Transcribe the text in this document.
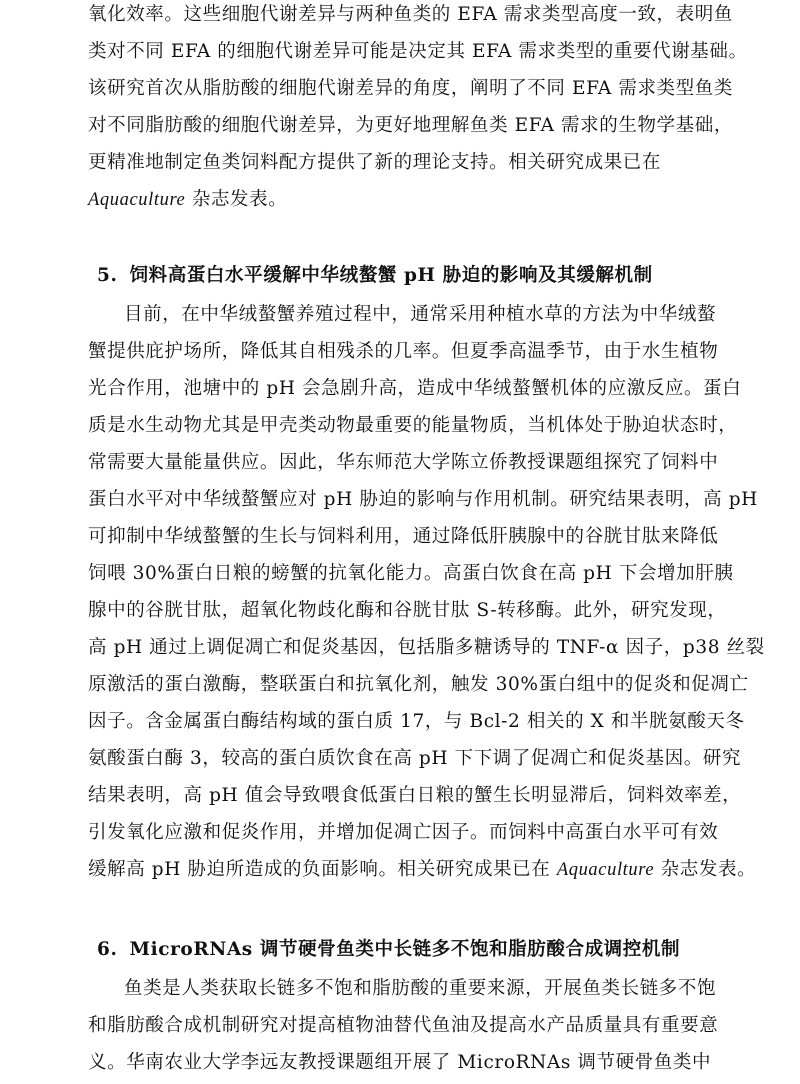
氧化效率。这些细胞代谢差异与两种鱼类的 EFA 需求类型高度一致，表明鱼
类对不同 EFA 的细胞代谢差异可能是决定其 EFA 需求类型的重要代谢基础。
该研究首次从脂肪酸的细胞代谢差异的角度，阐明了不同 EFA 需求类型鱼类
对不同脂肪酸的细胞代谢差异，为更好地理解鱼类 EFA 需求的生物学基础，
更精准地制定鱼类饲料配方提供了新的理论支持。相关研究成果已在
Aquaculture 杂志发表。
5. 饲料高蛋白水平缓解中华绒螯蟹 pH 胁迫的影响及其缓解机制
目前，在中华绒螯蟹养殖过程中，通常采用种植水草的方法为中华绒螯
蟹提供庇护场所，降低其自相残杀的几率。但夏季高温季节，由于水生植物
光合作用，池塘中的 pH 会急剧升高，造成中华绒螯蟹机体的应激反应。蛋白
质是水生动物尤其是甲壳类动物最重要的能量物质，当机体处于胁迫状态时，
常需要大量能量供应。因此，华东师范大学陈立侨教授课题组探究了饲料中
蛋白水平对中华绒螯蟹应对 pH 胁迫的影响与作用机制。研究结果表明，高 pH
可抑制中华绒螯蟹的生长与饲料利用，通过降低肝胰腺中的谷胱甘肽来降低
饲喂 30%蛋白日粮的螃蟹的抗氧化能力。高蛋白饮食在高 pH 下会增加肝胰
腺中的谷胱甘肽，超氧化物歧化酶和谷胱甘肽 S-转移酶。此外，研究发现，
高 pH 通过上调促凋亡和促炎基因，包括脂多糖诱导的 TNF-α 因子，p38 丝裂
原激活的蛋白激酶，整联蛋白和抗氧化剂，触发 30%蛋白组中的促炎和促凋亡
因子。含金属蛋白酶结构域的蛋白质 17，与 Bcl-2 相关的 X 和半胱氨酸天冬
氨酸蛋白酶 3，较高的蛋白质饮食在高 pH 下下调了促凋亡和促炎基因。研究
结果表明，高 pH 值会导致喂食低蛋白日粮的蟹生长明显滞后，饲料效率差，
引发氧化应激和促炎作用，并增加促凋亡因子。而饲料中高蛋白水平可有效
缓解高 pH 胁迫所造成的负面影响。相关研究成果已在 Aquaculture 杂志发表。
6. MicroRNAs 调节硬骨鱼类中长链多不饱和脂肪酸合成调控机制
鱼类是人类获取长链多不饱和脂肪酸的重要来源，开展鱼类长链多不饱
和脂肪酸合成机制研究对提高植物油替代鱼油及提高水产品质量具有重要意
义。华南农业大学李远友教授课题组开展了 MicroRNAs 调节硬骨鱼类中
